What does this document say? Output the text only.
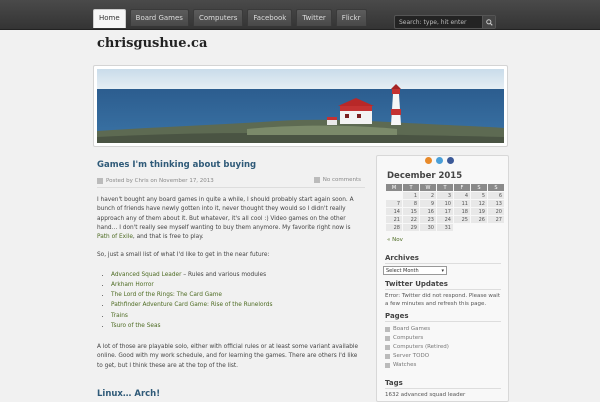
Home	Board Games	Computers	Facebook	Twitter	Flickr
Search: type, hit enter
chrisgushue.ca
Games I'm thinking about buying
Posted by Chris on November 17, 2013	No comments

I haven't bought any board games in quite a while, I should probably start again soon. A bunch of friends have newly gotten into it, never thought they would so I didn't really approach any of them about it. But whatever, it's all cool :) Video games on the other hand… I don't really see myself wanting to buy them anymore. My favorite right now is Path of Exile, and that is free to play.

So, just a small list of what I'd like to get in the near future:

• Advanced Squad Leader – Rules and various modules
• Arkham Horror
• The Lord of the Rings: The Card Game
• Pathfinder Adventure Card Game: Rise of the Runelords
• Trains
• Tsuro of the Seas

A lot of those are playable solo, either with official rules or at least some variant available online. Good with my work schedule, and for learning the games. There are others I'd like to get, but I think these are at the top of the list.

Linux… Arch!
December 2015
M	T	W	T	F	S	S
	1	2	3	4	5	6
7	8	9	10	11	12	13
14	15	16	17	18	19	20
21	22	23	24	25	26	27
28	29	30	31			
« Nov
Archives
Select Month	▾
Twitter Updates
Error: Twitter did not respond. Please wait a few minutes and refresh this page.
Pages
Board Games
Computers
Computers (Retired)
Server TODO
Watches
Tags
1632 advanced squad leader
